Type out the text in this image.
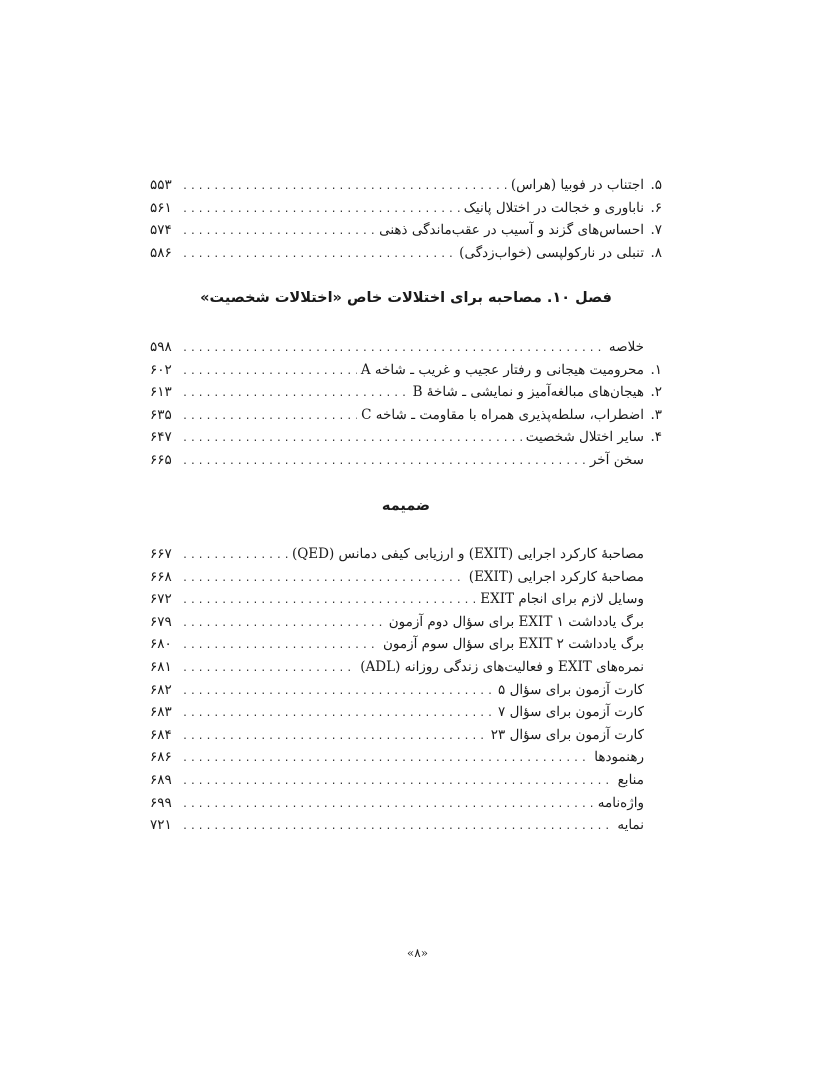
۵.
اجتناب در فوبیا (هراس)
.....
۵۵۳
۶.
ناباوری و خجالت در اختلال پانیک
.....
۵۶۱
۷.
احساس‌های گزند و آسیب در عقب‌ماندگی ذهنی
.....
۵۷۴
۸.
تنبلی در نارکولپسی (خواب‌زدگی)
.....
۵۸۶
فصل ۱۰. مصاحبه برای اختلالات خاص «اختلالات شخصیت»
خلاصه
.....
۵۹۸
۱.
محرومیت هیجانی و رفتار عجیب و غریب ـ شاخه A
.....
۶۰۲
۲.
هیجان‌های مبالغه‌آمیز و نمایشی ـ شاخهٔ B
.....
۶۱۳
۳.
اضطراب، سلطه‌پذیری همراه با مقاومت ـ شاخه C
.....
۶۳۵
۴.
سایر اختلال شخصیت
.....
۶۴۷
سخن آخر
.....
۶۶۵
ضمیمه
مصاحبهٔ کارکرد اجرایی (EXIT) و ارزیابی کیفی دمانس (QED)
.....
۶۶۷
مصاحبهٔ کارکرد اجرایی (EXIT)
.....
۶۶۸
وسایل لازم برای انجام EXIT
.....
۶۷۲
برگ یادداشت ۱ EXIT برای سؤال دوم آزمون
.....
۶۷۹
برگ یادداشت ۲ EXIT برای سؤال سوم آزمون
.....
۶۸۰
نمره‌های EXIT و فعالیت‌های زندگی روزانه (ADL)
.....
۶۸۱
کارت آزمون برای سؤال ۵
.....
۶۸۲
کارت آزمون برای سؤال ۷
.....
۶۸۳
کارت آزمون برای سؤال ۲۳
.....
۶۸۴
رهنمودها
.....
۶۸۶
منابع
.....
۶۸۹
واژه‌نامه
.....
۶۹۹
نمایه
.....
۷۲۱
«۸»
